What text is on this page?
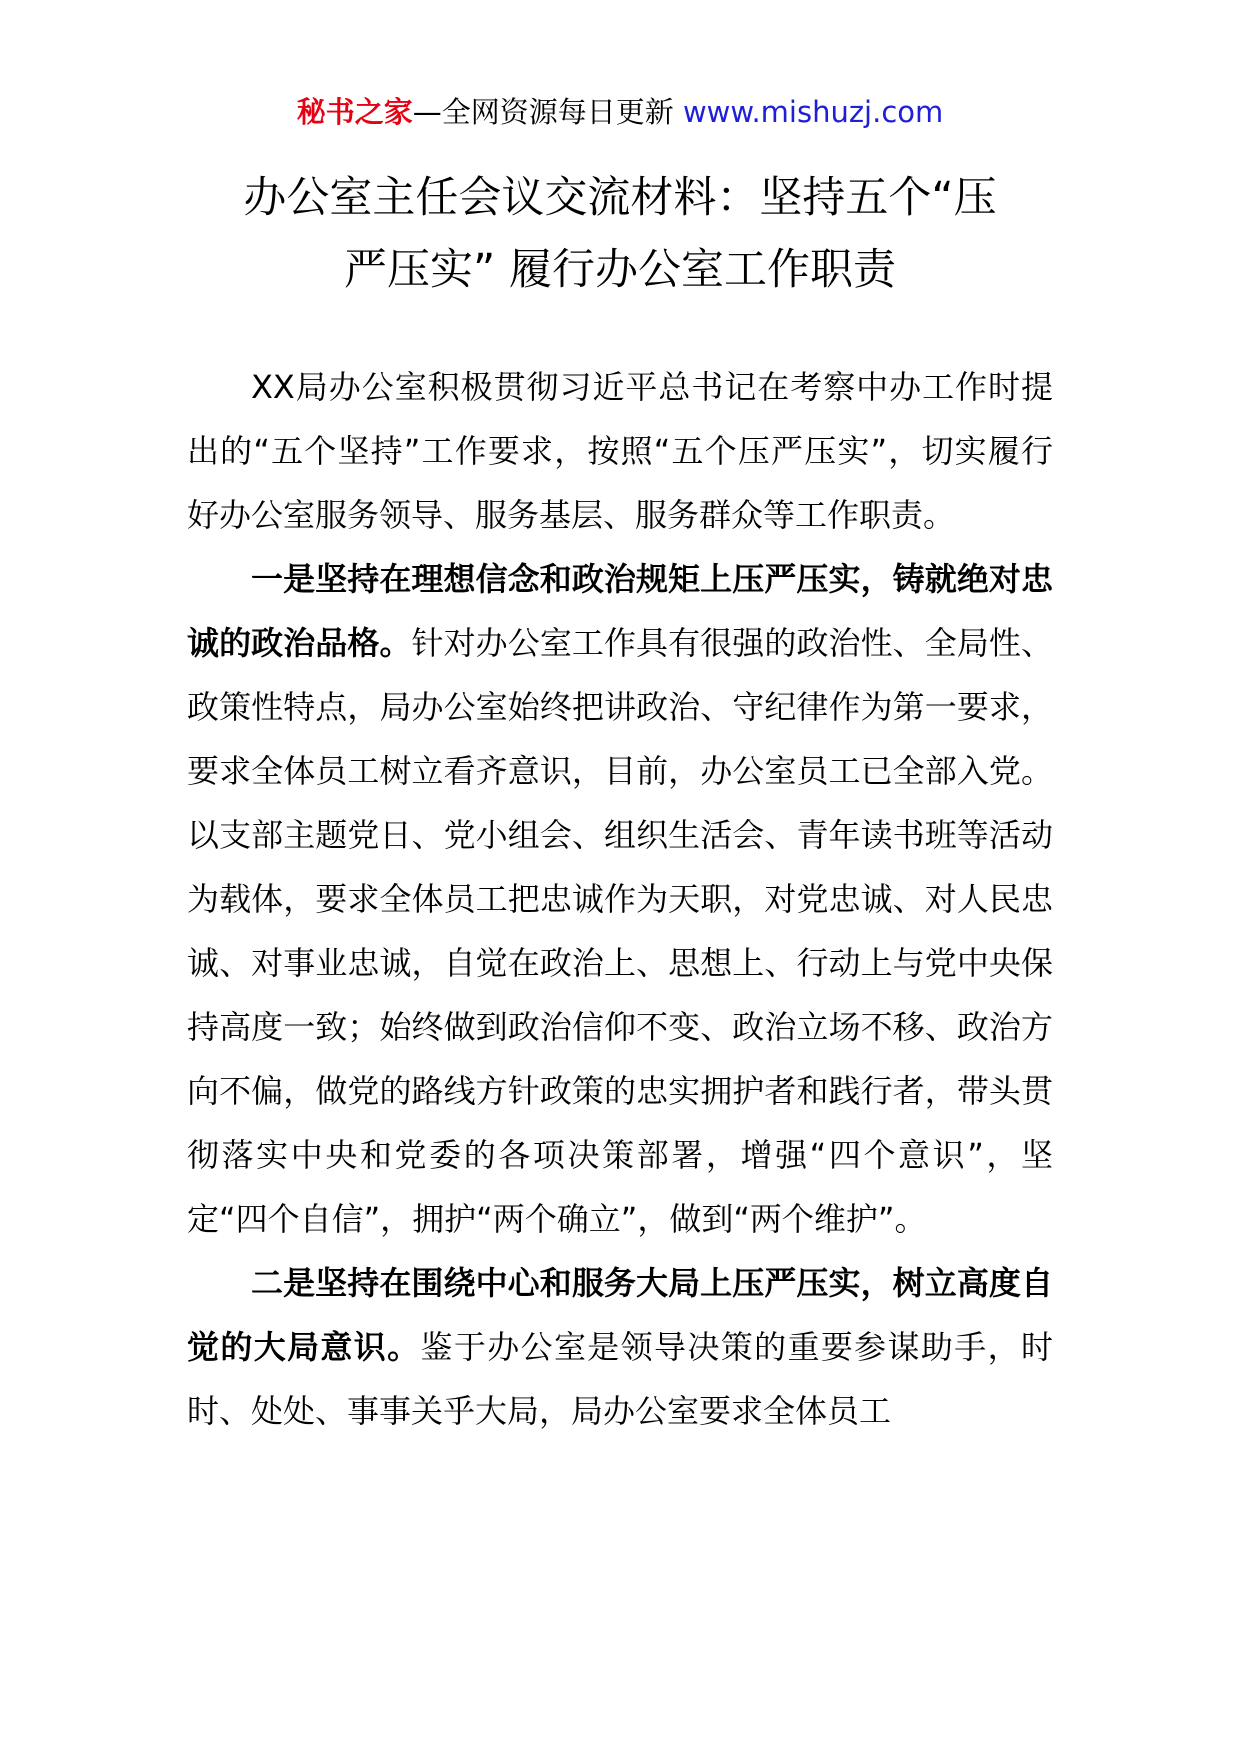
秘书之家—全网资源每日更新 www.mishuzj.com
办公室主任会议交流材料：坚持五个“压
严压实” 履行办公室工作职责

XX局办公室积极贯彻习近平总书记在考察中办工作时提出的“五个坚持”工作要求，按照“五个压严压实”，切实履行好办公室服务领导、服务基层、服务群众等工作职责。

一是坚持在理想信念和政治规矩上压严压实，铸就绝对忠诚的政治品格。针对办公室工作具有很强的政治性、全局性、政策性特点，局办公室始终把讲政治、守纪律作为第一要求，要求全体员工树立看齐意识，目前，办公室员工已全部入党。以支部主题党日、党小组会、组织生活会、青年读书班等活动为载体，要求全体员工把忠诚作为天职，对党忠诚、对人民忠诚、对事业忠诚，自觉在政治上、思想上、行动上与党中央保持高度一致；始终做到政治信仰不变、政治立场不移、政治方向不偏，做党的路线方针政策的忠实拥护者和践行者，带头贯彻落实中央和党委的各项决策部署，增强“四个意识”，坚定“四个自信”，拥护“两个确立”，做到“两个维护”。

二是坚持在围绕中心和服务大局上压严压实，树立高度自觉的大局意识。鉴于办公室是领导决策的重要参谋助手，时时、处处、事事关乎大局，局办公室要求全体员工
